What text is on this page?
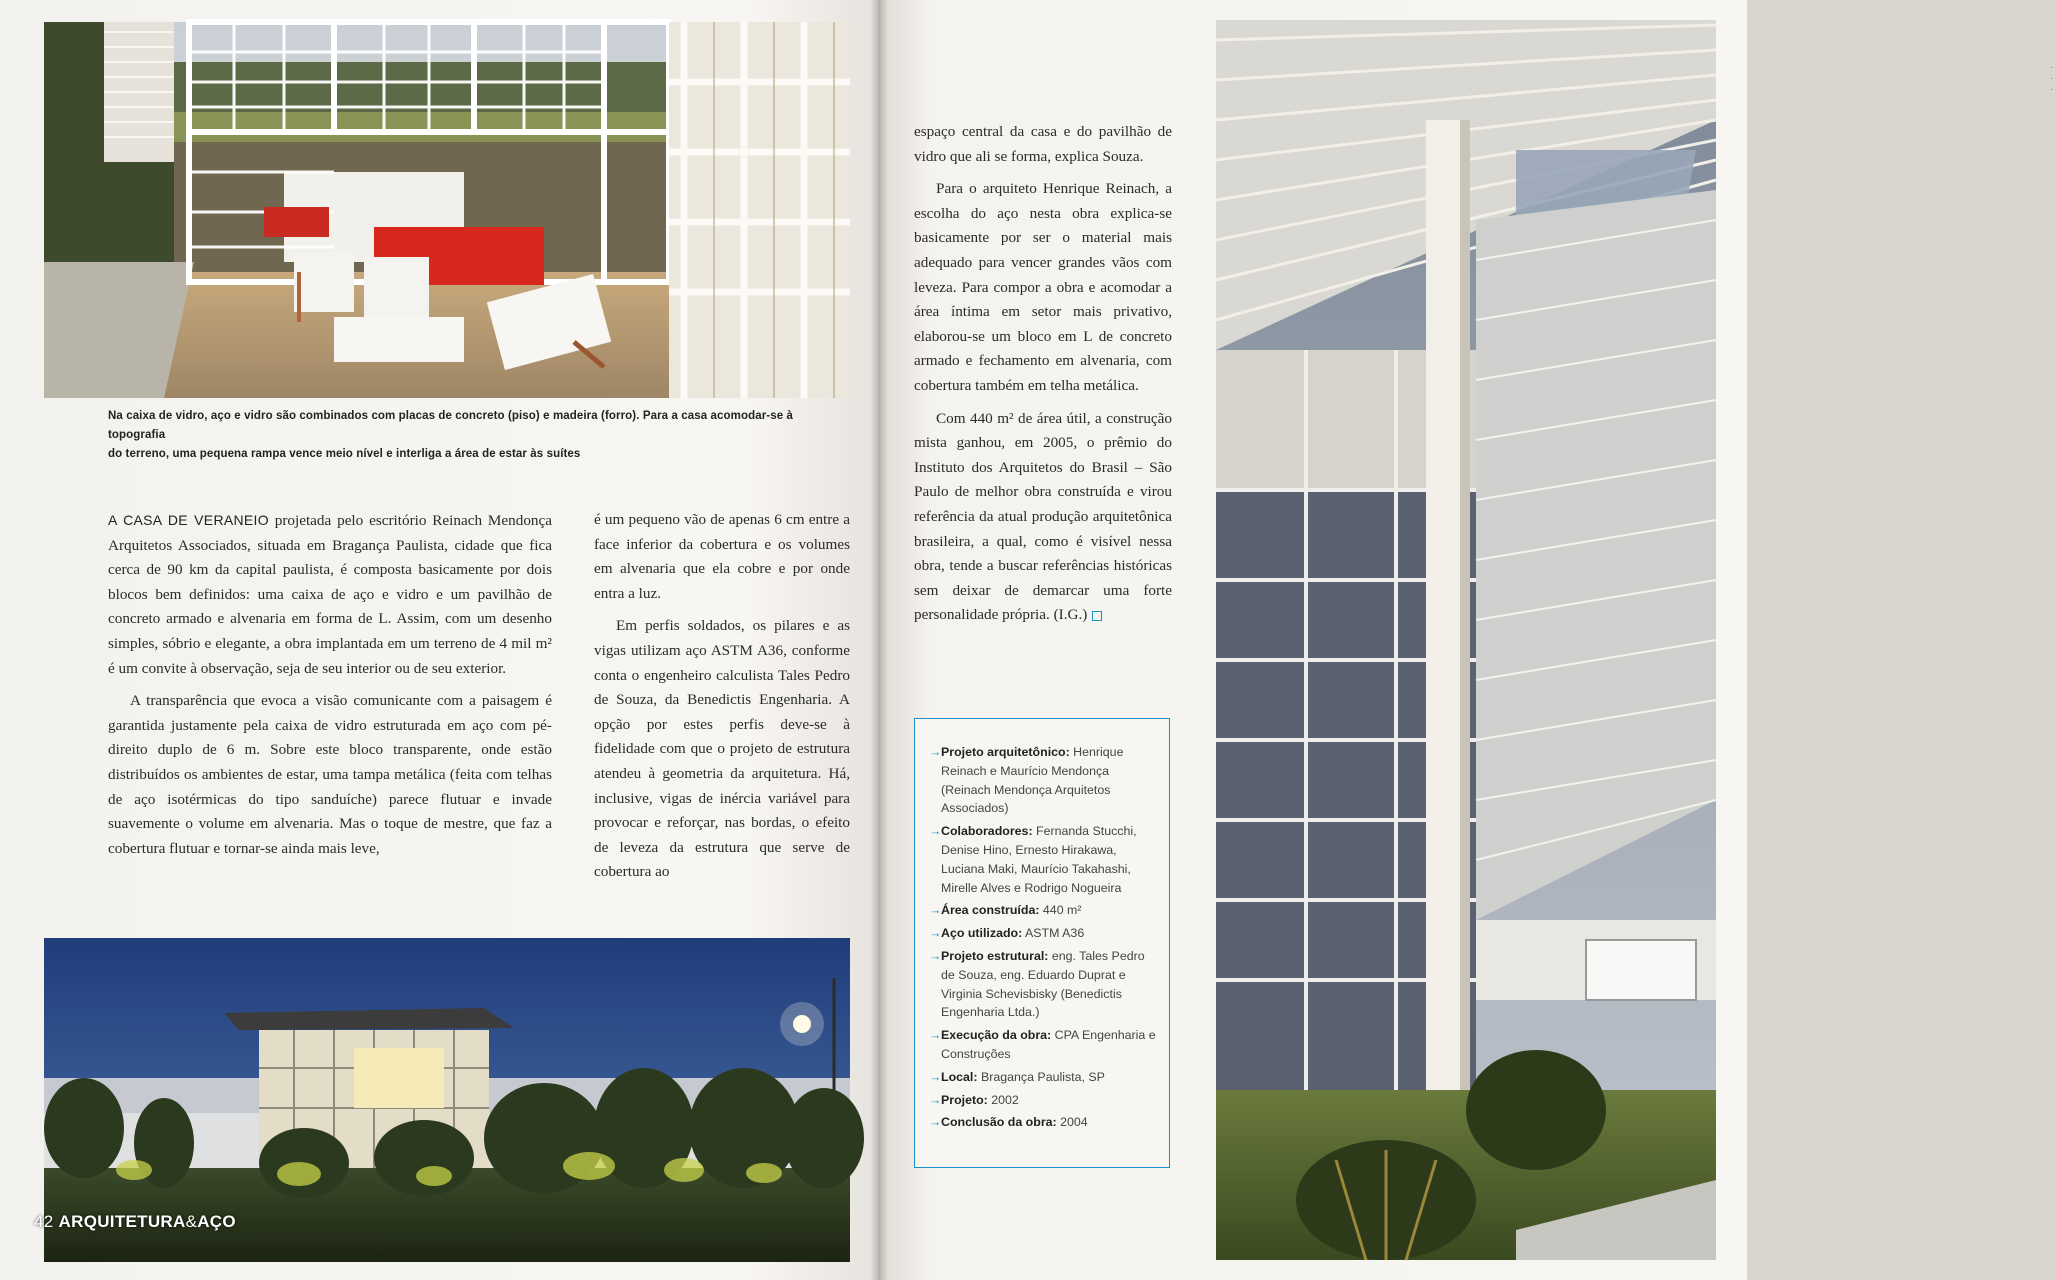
Na caixa de vidro, aço e vidro são combinados com placas de concreto (piso) e madeira (forro). Para a casa acomodar-se à topografia

do terreno, uma pequena rampa vence meio nível e interliga a área de estar às suítes

A CASA DE VERANEIO projetada pelo escritório Reinach Mendonça Arquitetos Associados, situada em Bragança Paulista, cidade que fica cerca de 90 km da capital paulista, é composta basicamente por dois blocos bem definidos: uma caixa de aço e vidro e um pavilhão de concreto armado e alvenaria em forma de L. Assim, com um desenho simples, sóbrio e elegante, a obra implantada em um terreno de 4 mil m² é um convite à observação, seja de seu interior ou de seu exterior.

A transparência que evoca a visão comunicante com a paisagem é garantida justamente pela caixa de vidro estruturada em aço com pé-direito duplo de 6 m. Sobre este bloco transparente, onde estão distribuídos os ambientes de estar, uma tampa metálica (feita com telhas de aço isotérmicas do tipo sanduíche) parece flutuar e invade suavemente o volume em alvenaria. Mas o toque de mestre, que faz a cobertura flutuar e tornar-se ainda mais leve,

é um pequeno vão de apenas 6 cm entre a face inferior da cobertura e os volumes em alvenaria que ela cobre e por onde entra a luz.

Em perfis soldados, os pilares e as vigas utilizam aço ASTM A36, conforme conta o engenheiro calculista Tales Pedro de Souza, da Benedictis Engenharia. A opção por estes perfis deve-se à fidelidade com que o projeto de estrutura atendeu à geometria da arquitetura. Há, inclusive, vigas de inércia variável para provocar e reforçar, nas bordas, o efeito de leveza da estrutura que serve de cobertura ao

42 ARQUITETURA&AÇO
· · ·

espaço central da casa e do pavilhão de vidro que ali se forma, explica Souza.

Para o arquiteto Henrique Reinach, a escolha do aço nesta obra explica-se basicamente por ser o material mais adequado para vencer grandes vãos com leveza. Para compor a obra e acomodar a área íntima em setor mais privativo, elaborou-se um bloco em L de concreto armado e fechamento em alvenaria, com cobertura também em telha metálica.

Com 440 m² de área útil, a construção mista ganhou, em 2005, o prêmio do Instituto dos Arquitetos do Brasil – São Paulo de melhor obra construída e virou referência da atual produção arquitetônica brasileira, a qual, como é visível nessa obra, tende a buscar referências históricas sem deixar de demarcar uma forte personalidade própria. (I.G.)

→ Projeto arquitetônico: Henrique Reinach e Maurício Mendonça (Reinach Mendonça Arquitetos Associados)
→ Colaboradores: Fernanda Stucchi, Denise Hino, Ernesto Hirakawa, Luciana Maki, Maurício Takahashi, Mirelle Alves e Rodrigo Nogueira
→ Área construída: 440 m²
→ Aço utilizado: ASTM A36
→ Projeto estrutural: eng. Tales Pedro de Souza, eng. Eduardo Duprat e Virginia Schevisbisky (Benedictis Engenharia Ltda.)
→ Execução da obra: CPA Engenharia e Construções
→ Local: Bragança Paulista, SP
→ Projeto: 2002
→ Conclusão da obra: 2004
